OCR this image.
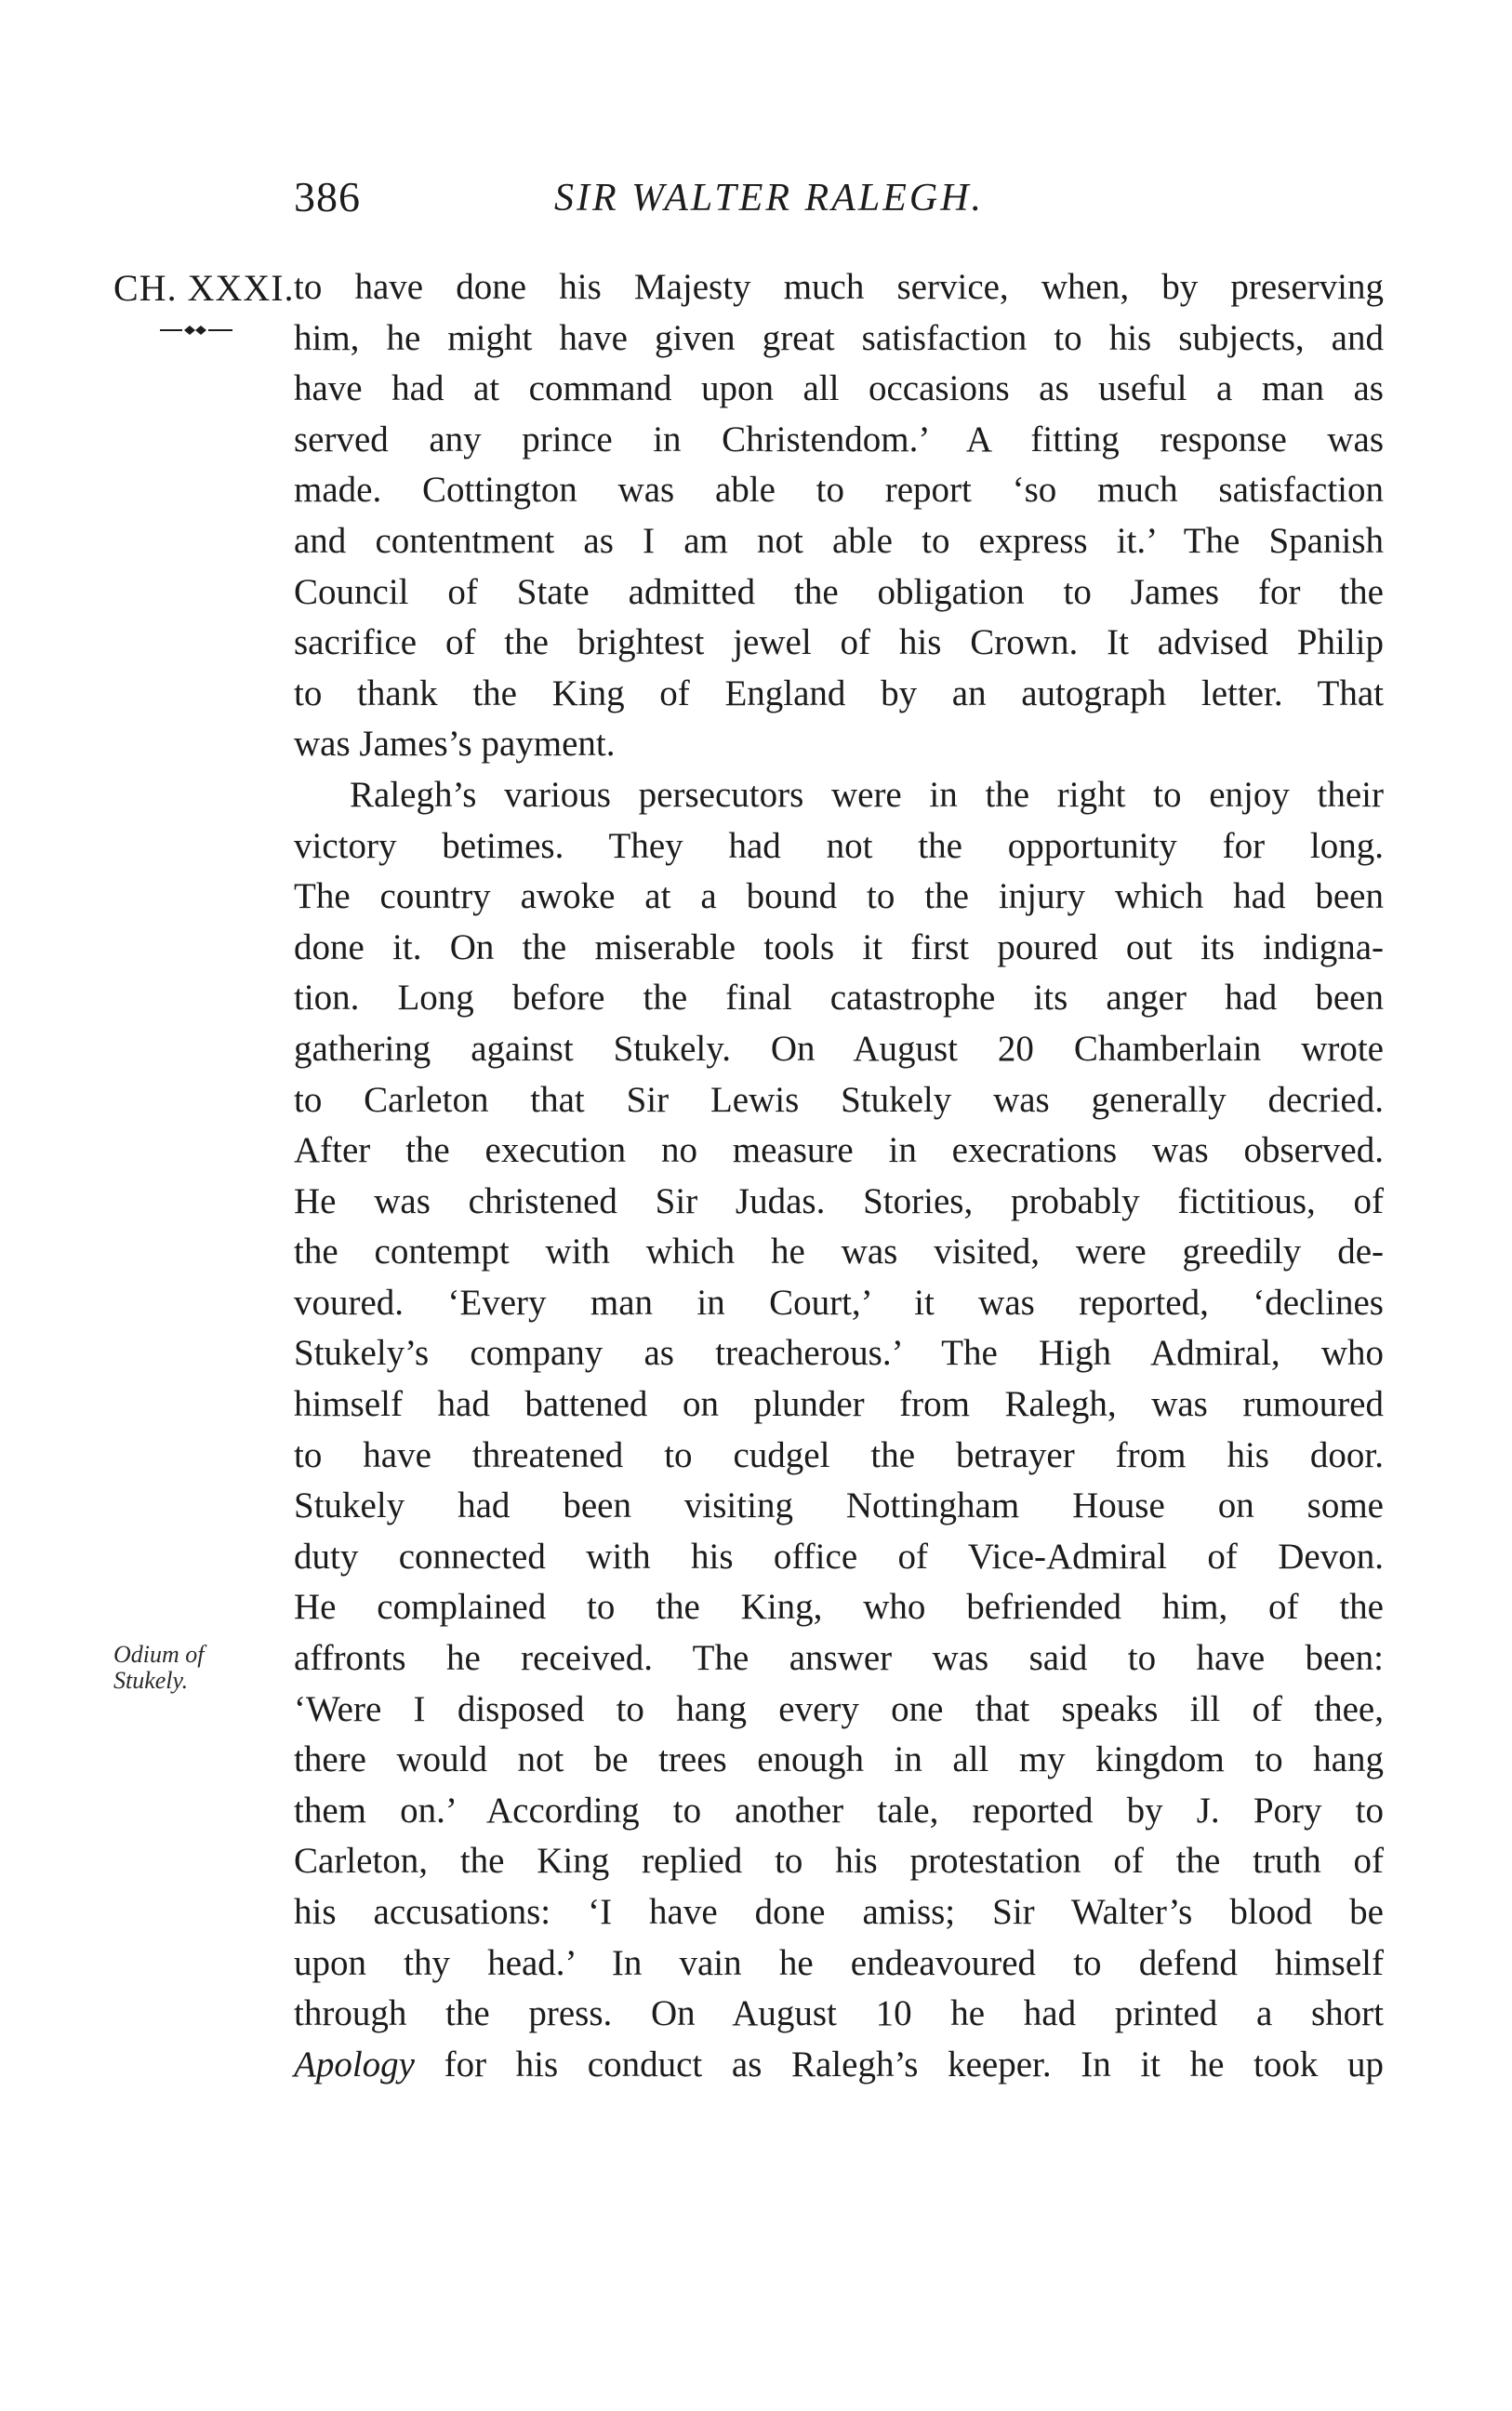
386	SIR WALTER RALEGH.
CH. XXXI.
Odium of
Stukely.
to have done his Majesty much service, when, by preserving
him, he might have given great satisfaction to his subjects, and
have had at command upon all occasions as useful a man as
served any prince in Christendom.’ A fitting response was
made. Cottington was able to report ‘so much satisfaction
and contentment as I am not able to express it.’ The Spanish
Council of State admitted the obligation to James for the
sacrifice of the brightest jewel of his Crown. It advised Philip
to thank the King of England by an autograph letter. That
was James’s payment.
Ralegh’s various persecutors were in the right to enjoy their
victory betimes. They had not the opportunity for long.
The country awoke at a bound to the injury which had been
done it. On the miserable tools it first poured out its indigna-
tion. Long before the final catastrophe its anger had been
gathering against Stukely. On August 20 Chamberlain wrote
to Carleton that Sir Lewis Stukely was generally decried.
After the execution no measure in execrations was observed.
He was christened Sir Judas. Stories, probably fictitious, of
the contempt with which he was visited, were greedily de-
voured. ‘Every man in Court,’ it was reported, ‘declines
Stukely’s company as treacherous.’ The High Admiral, who
himself had battened on plunder from Ralegh, was rumoured
to have threatened to cudgel the betrayer from his door.
Stukely had been visiting Nottingham House on some
duty connected with his office of Vice-Admiral of Devon.
He complained to the King, who befriended him, of the
affronts he received. The answer was said to have been:
‘Were I disposed to hang every one that speaks ill of thee,
there would not be trees enough in all my kingdom to hang
them on.’ According to another tale, reported by J. Pory to
Carleton, the King replied to his protestation of the truth of
his accusations: ‘I have done amiss; Sir Walter’s blood be
upon thy head.’ In vain he endeavoured to defend himself
through the press. On August 10 he had printed a short
Apology for his conduct as Ralegh’s keeper. In it he took up
